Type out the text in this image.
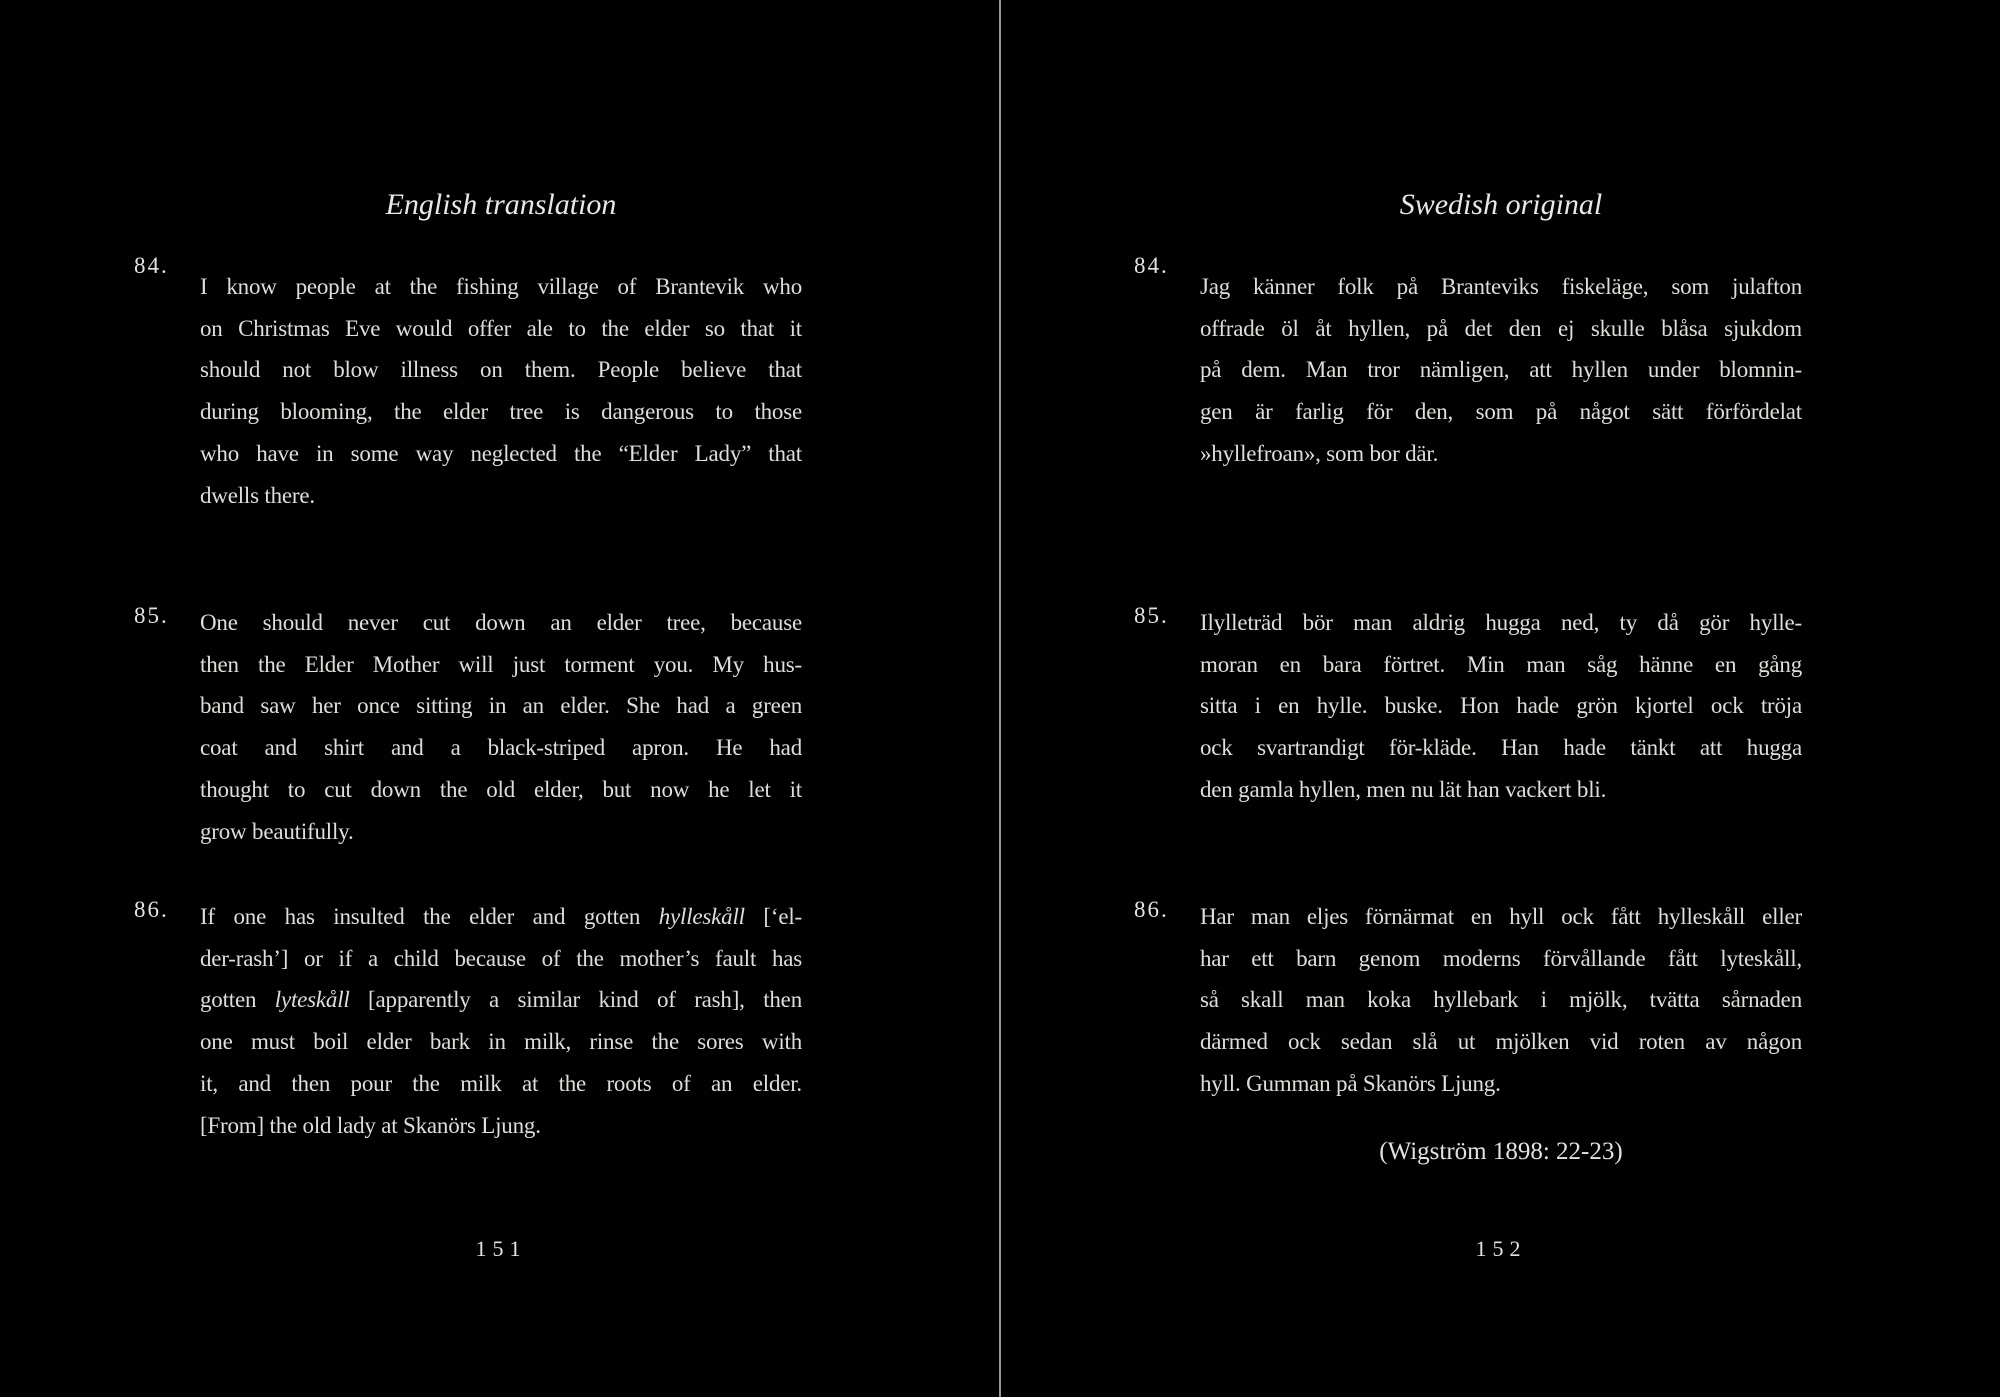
English translation
84.
I know people at the fishing village of Brantevik who
on Christmas Eve would offer ale to the elder so that it
should not blow illness on them. People believe that
during blooming, the elder tree is dangerous to those
who have in some way neglected the “Elder Lady” that
dwells there.
85.	One should never cut down an elder tree, because
then the Elder Mother will just torment you. My hus-
band saw her once sitting in an elder. She had a green
coat and shirt and a black-striped apron. He had
thought to cut down the old elder, but now he let it
grow beautifully.
86.	If one has insulted the elder and gotten hylleskåll [‘el-
der-rash’] or if a child because of the mother’s fault has
gotten lyteskåll [apparently a similar kind of rash], then
one must boil elder bark in milk, rinse the sores with
it, and then pour the milk at the roots of an elder.
[From] the old lady at Skanörs Ljung.
151
Swedish original
84.
Jag känner folk på Branteviks fiskeläge, som julafton
offrade öl åt hyllen, på det den ej skulle blåsa sjukdom
på dem. Man tror nämligen, att hyllen under blomnin-
gen är farlig för den, som på något sätt förfördelat
»hyllefroan», som bor där.
85.	Ilylleträd bör man aldrig hugga ned, ty då gör hylle-
moran en bara förtret. Min man såg hänne en gång
sitta i en hylle. buske. Hon hade grön kjortel ock tröja
ock svartrandigt för-kläde. Han hade tänkt att hugga
den gamla hyllen, men nu lät han vackert bli.
86.	Har man eljes förnärmat en hyll ock fått hylleskåll eller
har ett barn genom moderns förvållande fått lyteskåll,
så skall man koka hyllebark i mjölk, tvätta sårnaden
därmed ock sedan slå ut mjölken vid roten av någon
hyll. Gumman på Skanörs Ljung.
(Wigström 1898: 22-23)
152
